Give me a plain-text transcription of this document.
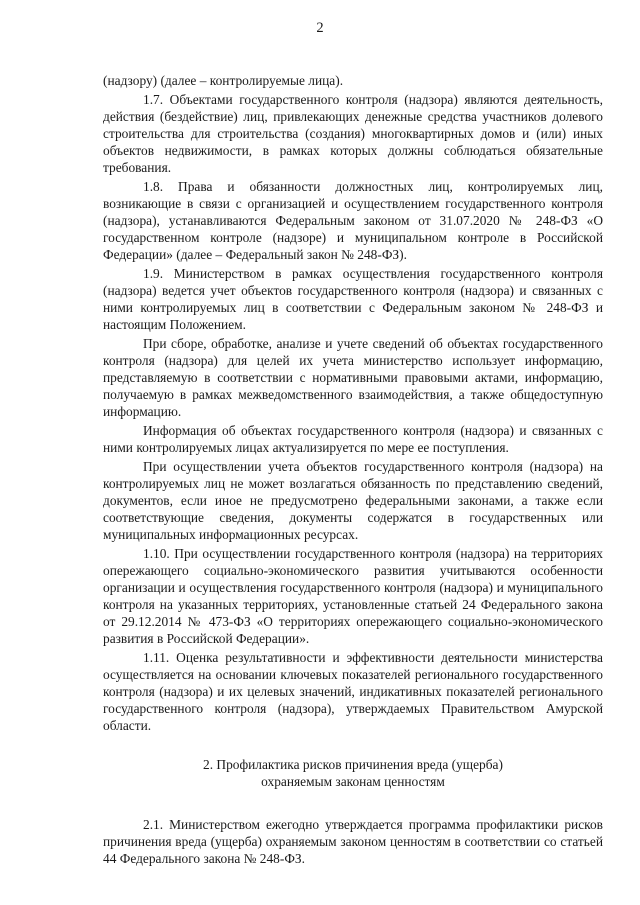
2

(надзору) (далее – контролируемые лица).

1.7. Объектами государственного контроля (надзора) являются деятельность, действия (бездействие) лиц, привлекающих денежные средства участников долевого строительства для строительства (создания) многоквартирных домов и (или) иных объектов недвижимости, в рамках которых должны соблюдаться обязательные требования.

1.8. Права и обязанности должностных лиц, контролируемых лиц, возникающие в связи с организацией и осуществлением государственного контроля (надзора), устанавливаются Федеральным законом от 31.07.2020 № 248-ФЗ «О государственном контроле (надзоре) и муниципальном контроле в Российской Федерации» (далее – Федеральный закон № 248-ФЗ).

1.9. Министерством в рамках осуществления государственного контроля (надзора) ведется учет объектов государственного контроля (надзора) и связанных с ними контролируемых лиц в соответствии с Федеральным законом № 248-ФЗ и настоящим Положением.

При сборе, обработке, анализе и учете сведений об объектах государственного контроля (надзора) для целей их учета министерство использует информацию, представляемую в соответствии с нормативными правовыми актами, информацию, получаемую в рамках межведомственного взаимодействия, а также общедоступную информацию.

Информация об объектах государственного контроля (надзора) и связанных с ними контролируемых лицах актуализируется по мере ее поступления.

При осуществлении учета объектов государственного контроля (надзора) на контролируемых лиц не может возлагаться обязанность по представлению сведений, документов, если иное не предусмотрено федеральными законами, а также если соответствующие сведения, документы содержатся в государственных или муниципальных информационных ресурсах.

1.10. При осуществлении государственного контроля (надзора) на территориях опережающего социально-экономического развития учитываются особенности организации и осуществления государственного контроля (надзора) и муниципального контроля на указанных территориях, установленные статьей 24 Федерального закона от 29.12.2014 № 473-ФЗ «О территориях опережающего социально-экономического развития в Российской Федерации».

1.11. Оценка результативности и эффективности деятельности министерства осуществляется на основании ключевых показателей регионального государственного контроля (надзора) и их целевых значений, индикативных показателей регионального государственного контроля (надзора), утверждаемых Правительством Амурской области.

2. Профилактика рисков причинения вреда (ущерба)
охраняемым законам ценностям

2.1. Министерством ежегодно утверждается программа профилактики рисков причинения вреда (ущерба) охраняемым законом ценностям в соответствии со статьей 44 Федерального закона № 248-ФЗ.
